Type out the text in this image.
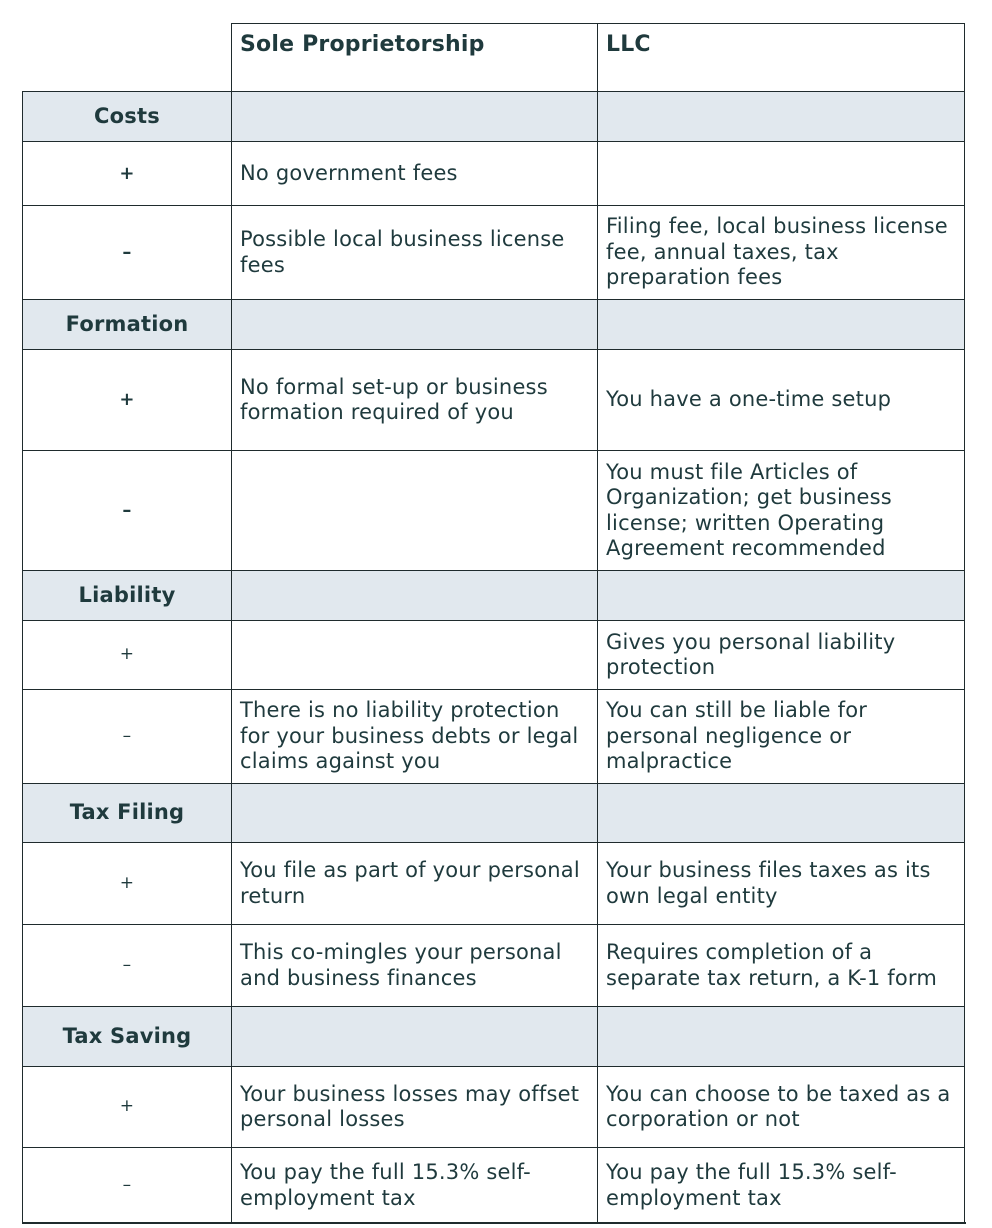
Sole Proprietorship	LLC
Costs
+	No government fees
–
Possible local business license fees
Filing fee, local business license fee, annual taxes, tax preparation fees
Formation
+
No formal set-up or business formation required of you
You have a one-time setup
–
You must file Articles of Organization; get business license; written Operating Agreement recommended
Liability
+
Gives you personal liability protection
–
There is no liability protection for your business debts or legal claims against you
You can still be liable for personal negligence or malpractice
Tax Filing
+
You file as part of your personal return
Your business files taxes as its own legal entity
–
This co-mingles your personal and business finances
Requires completion of a separate tax return, a K-1 form
Tax Saving
+
Your business losses may offset personal losses
You can choose to be taxed as a corporation or not
–
You pay the full 15.3% self-employment tax
You pay the full 15.3% self-employment tax
